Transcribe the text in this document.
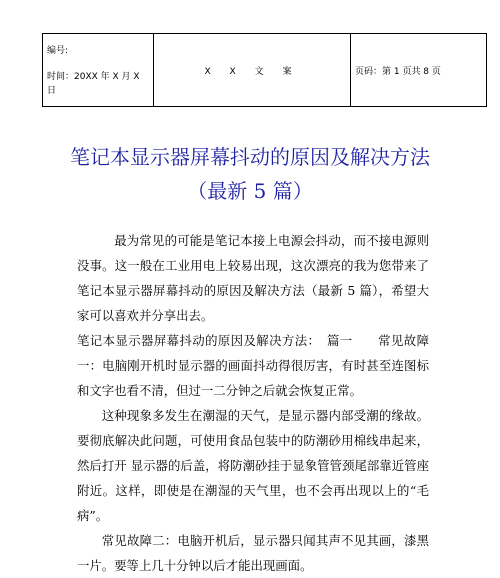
编号:
时间：20XX 年 X 月 X 日
	X X 文 案	页码：第 1 页共 8 页
笔记本显示器屏幕抖动的原因及解决方法（最新 5 篇）

最为常见的可能是笔记本接上电源会抖动，而不接电源则没事。这一般在工业用电上较易出现，这次漂亮的我为您带来了笔记本显示器屏幕抖动的原因及解决方法（最新 5 篇），希望大家可以喜欢并分享出去。

笔记本显示器屏幕抖动的原因及解决方法：　篇一　　常见故障一：电脑刚开机时显示器的画面抖动得很厉害，有时甚至连图标和文字也看不清，但过一二分钟之后就会恢复正常。

这种现象多发生在潮湿的天气，是显示器内部受潮的缘故。要彻底解决此问题，可使用食品包装中的防潮砂用棉线串起来，然后打开 显示器的后盖，将防潮砂挂于显象管管颈尾部靠近管座附近。这样，即使是在潮湿的天气里，也不会再出现以上的“毛病”。

常见故障二：电脑开机后，显示器只闻其声不见其画，漆黑一片。要等上几十分钟以后才能出现画面。
